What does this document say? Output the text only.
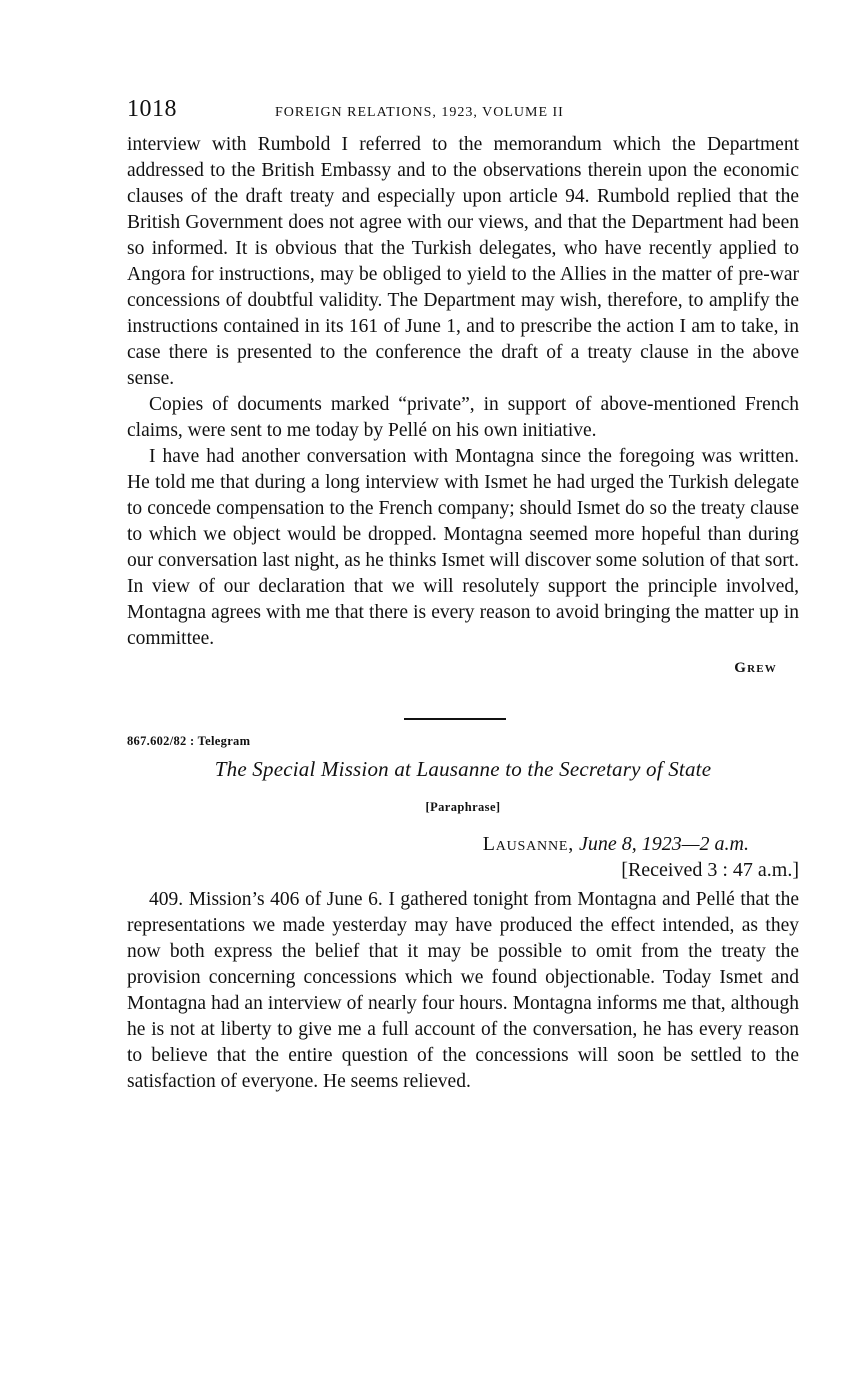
1018	FOREIGN RELATIONS, 1923, VOLUME II

interview with Rumbold I referred to the memorandum which the Department addressed to the British Embassy and to the observations therein upon the economic clauses of the draft treaty and especially upon article 94. Rumbold replied that the British Government does not agree with our views, and that the Department had been so informed. It is obvious that the Turkish delegates, who have recently applied to Angora for instructions, may be obliged to yield to the Allies in the matter of pre-war concessions of doubtful validity. The Department may wish, therefore, to amplify the instructions contained in its 161 of June 1, and to prescribe the action I am to take, in case there is presented to the conference the draft of a treaty clause in the above sense.

Copies of documents marked “private”, in support of above-mentioned French claims, were sent to me today by Pellé on his own initiative.

I have had another conversation with Montagna since the foregoing was written. He told me that during a long interview with Ismet he had urged the Turkish delegate to concede compensation to the French company; should Ismet do so the treaty clause to which we object would be dropped. Montagna seemed more hopeful than during our conversation last night, as he thinks Ismet will discover some solution of that sort. In view of our declaration that we will resolutely support the principle involved, Montagna agrees with me that there is every reason to avoid bringing the matter up in committee.

Grew
867.602/82 : Telegram
The Special Mission at Lausanne to the Secretary of State
[Paraphrase]
Lausanne, June 8, 1923—2 a.m.
[Received 3 : 47 a.m.]

409. Mission’s 406 of June 6. I gathered tonight from Montagna and Pellé that the representations we made yesterday may have produced the effect intended, as they now both express the belief that it may be possible to omit from the treaty the provision concerning concessions which we found objectionable. Today Ismet and Montagna had an interview of nearly four hours. Montagna informs me that, although he is not at liberty to give me a full account of the conversation, he has every reason to believe that the entire question of the concessions will soon be settled to the satisfaction of everyone. He seems relieved.
